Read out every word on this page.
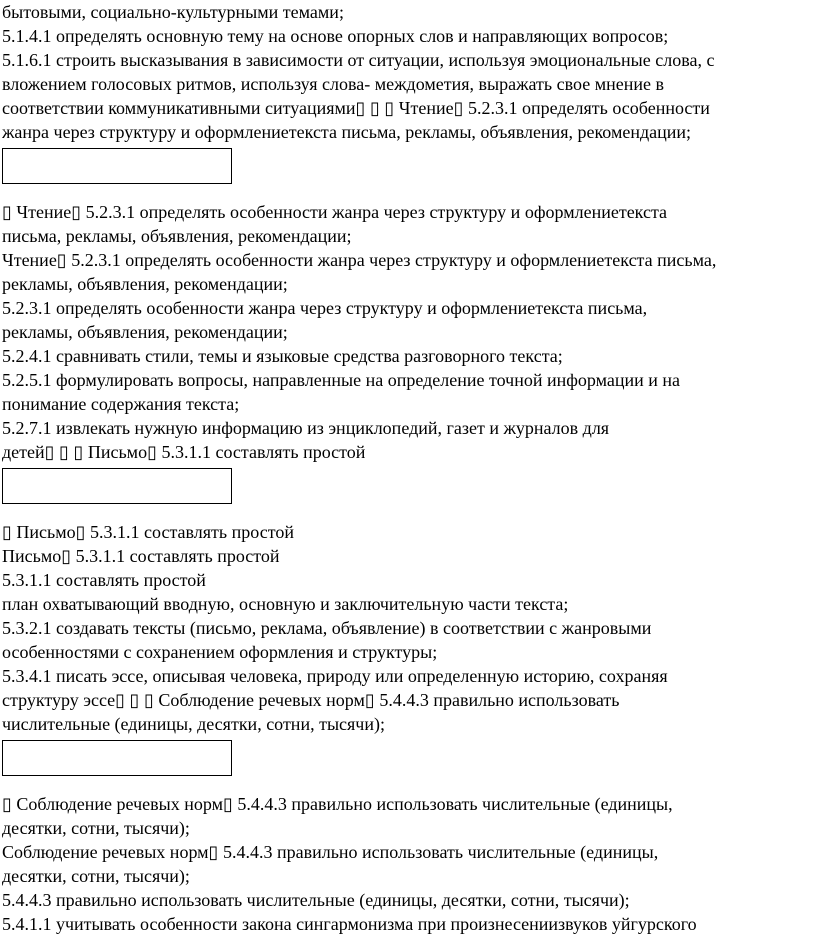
бытовыми, социально-культурными темами;
5.1.4.1 определять основную тему на основе опорных слов и направляющих вопросов;
5.1.6.1 строить высказывания в зависимости от ситуации, используя эмоциональные слова, с
вложением голосовых ритмов, используя слова- междометия, выражать свое мнение в
соответствии коммуникативными ситуациями▯ ▯ ▯ Чтение▯ 5.2.3.1 определять особенности
жанра через структуру и оформлениетекста письма, рекламы, объявления, рекомендации;
▯ Чтение▯ 5.2.3.1 определять особенности жанра через структуру и оформлениетекста
письма, рекламы, объявления, рекомендации;
Чтение▯ 5.2.3.1 определять особенности жанра через структуру и оформлениетекста письма,
рекламы, объявления, рекомендации;
5.2.3.1 определять особенности жанра через структуру и оформлениетекста письма,
рекламы, объявления, рекомендации;
5.2.4.1 сравнивать стили, темы и языковые средства разговорного текста;
5.2.5.1 формулировать вопросы, направленные на определение точной информации и на
понимание содержания текста;
5.2.7.1 извлекать нужную информацию из энциклопедий, газет и журналов для
детей▯ ▯ ▯ Письмо▯ 5.3.1.1 составлять простой
▯ Письмо▯ 5.3.1.1 составлять простой
Письмо▯ 5.3.1.1 составлять простой
5.3.1.1 составлять простой
план охватывающий вводную, основную и заключительную части текста;
5.3.2.1 создавать тексты (письмо, реклама, объявление) в соответствии с жанровыми
особенностями с сохранением оформления и структуры;
5.3.4.1 писать эссе, описывая человека, природу или определенную историю, сохраняя
структуру эссе▯ ▯ ▯ Соблюдение речевых норм▯ 5.4.4.3 правильно использовать
числительные (единицы, десятки, сотни, тысячи);
▯ Соблюдение речевых норм▯ 5.4.4.3 правильно использовать числительные (единицы,
десятки, сотни, тысячи);
Соблюдение речевых норм▯ 5.4.4.3 правильно использовать числительные (единицы,
десятки, сотни, тысячи);
5.4.4.3 правильно использовать числительные (единицы, десятки, сотни, тысячи);
5.4.1.1 учитывать особенности закона сингармонизма при произнесениизвуков уйгурского
